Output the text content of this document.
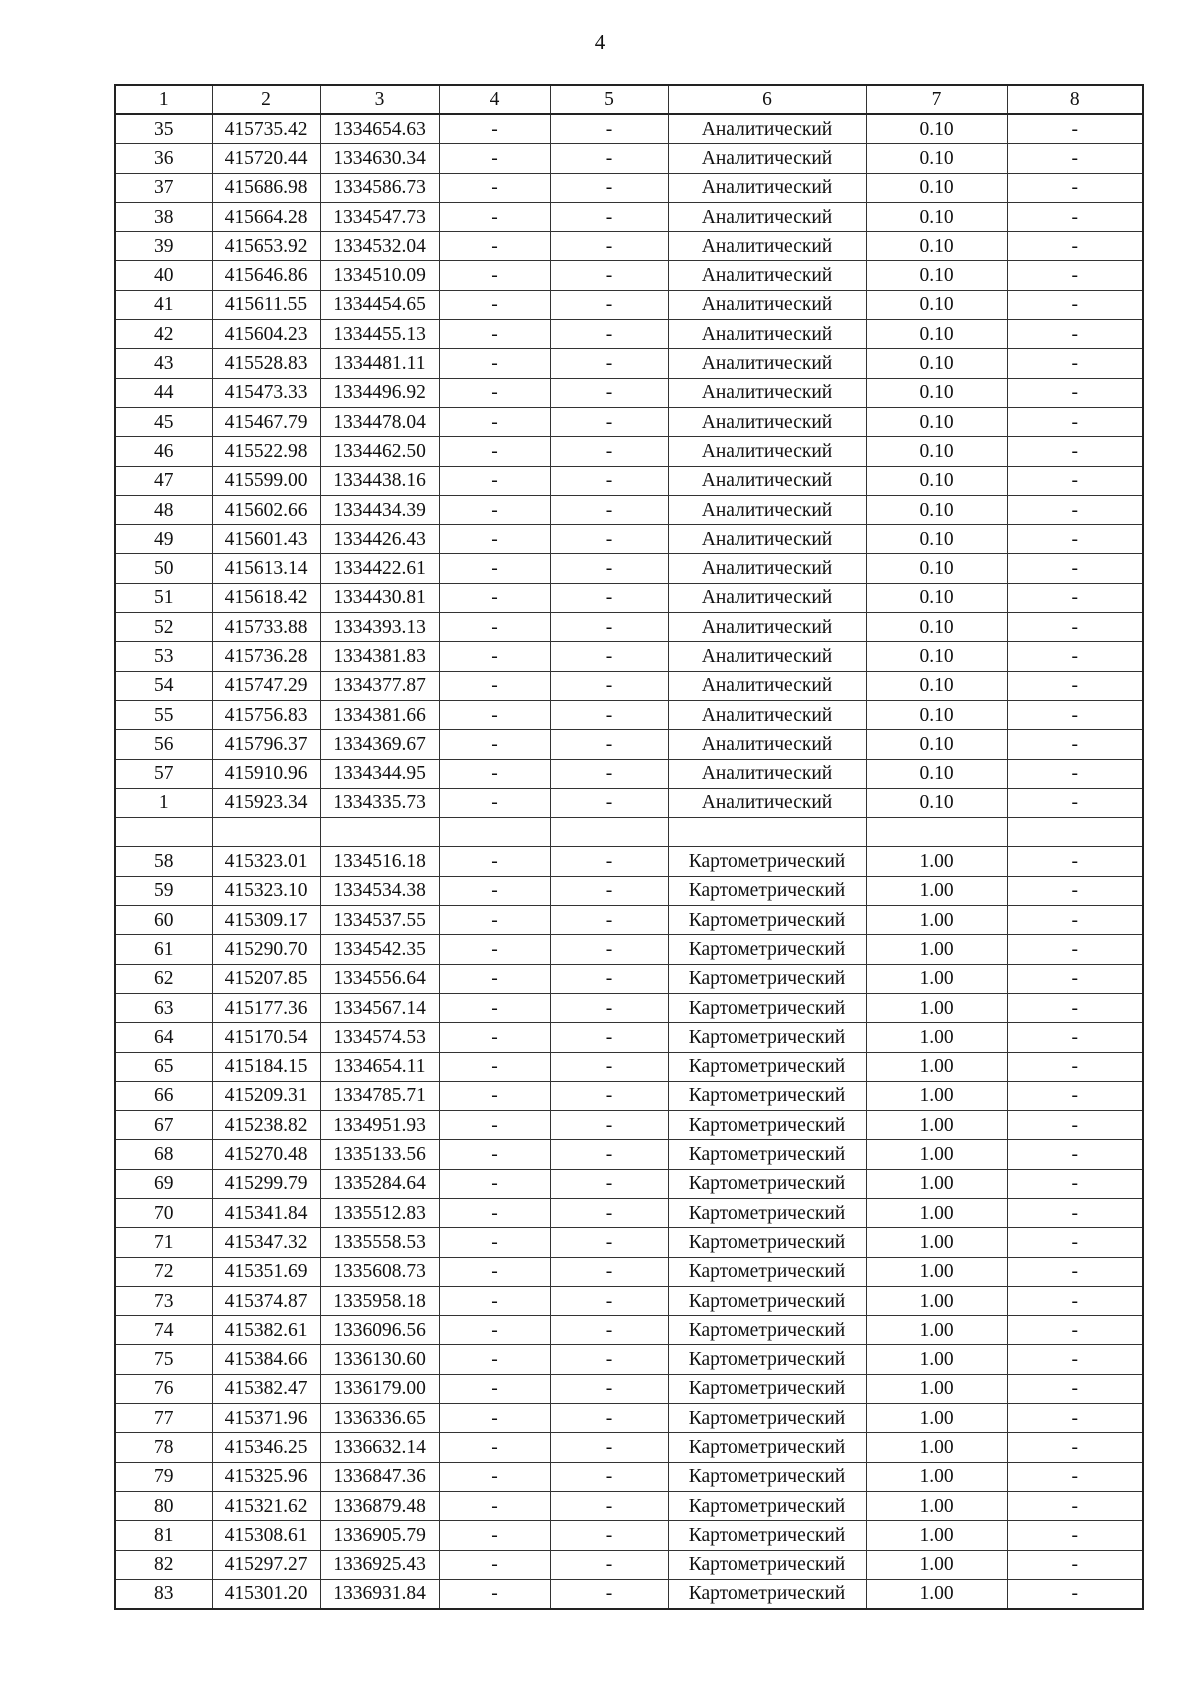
4
1	2	3	4	5	6	7	8
35	415735.42	1334654.63	-	-	Аналитический	0.10	-
36	415720.44	1334630.34	-	-	Аналитический	0.10	-
37	415686.98	1334586.73	-	-	Аналитический	0.10	-
38	415664.28	1334547.73	-	-	Аналитический	0.10	-
39	415653.92	1334532.04	-	-	Аналитический	0.10	-
40	415646.86	1334510.09	-	-	Аналитический	0.10	-
41	415611.55	1334454.65	-	-	Аналитический	0.10	-
42	415604.23	1334455.13	-	-	Аналитический	0.10	-
43	415528.83	1334481.11	-	-	Аналитический	0.10	-
44	415473.33	1334496.92	-	-	Аналитический	0.10	-
45	415467.79	1334478.04	-	-	Аналитический	0.10	-
46	415522.98	1334462.50	-	-	Аналитический	0.10	-
47	415599.00	1334438.16	-	-	Аналитический	0.10	-
48	415602.66	1334434.39	-	-	Аналитический	0.10	-
49	415601.43	1334426.43	-	-	Аналитический	0.10	-
50	415613.14	1334422.61	-	-	Аналитический	0.10	-
51	415618.42	1334430.81	-	-	Аналитический	0.10	-
52	415733.88	1334393.13	-	-	Аналитический	0.10	-
53	415736.28	1334381.83	-	-	Аналитический	0.10	-
54	415747.29	1334377.87	-	-	Аналитический	0.10	-
55	415756.83	1334381.66	-	-	Аналитический	0.10	-
56	415796.37	1334369.67	-	-	Аналитический	0.10	-
57	415910.96	1334344.95	-	-	Аналитический	0.10	-
1	415923.34	1334335.73	-	-	Аналитический	0.10	-

58	415323.01	1334516.18	-	-	Картометрический	1.00	-
59	415323.10	1334534.38	-	-	Картометрический	1.00	-
60	415309.17	1334537.55	-	-	Картометрический	1.00	-
61	415290.70	1334542.35	-	-	Картометрический	1.00	-
62	415207.85	1334556.64	-	-	Картометрический	1.00	-
63	415177.36	1334567.14	-	-	Картометрический	1.00	-
64	415170.54	1334574.53	-	-	Картометрический	1.00	-
65	415184.15	1334654.11	-	-	Картометрический	1.00	-
66	415209.31	1334785.71	-	-	Картометрический	1.00	-
67	415238.82	1334951.93	-	-	Картометрический	1.00	-
68	415270.48	1335133.56	-	-	Картометрический	1.00	-
69	415299.79	1335284.64	-	-	Картометрический	1.00	-
70	415341.84	1335512.83	-	-	Картометрический	1.00	-
71	415347.32	1335558.53	-	-	Картометрический	1.00	-
72	415351.69	1335608.73	-	-	Картометрический	1.00	-
73	415374.87	1335958.18	-	-	Картометрический	1.00	-
74	415382.61	1336096.56	-	-	Картометрический	1.00	-
75	415384.66	1336130.60	-	-	Картометрический	1.00	-
76	415382.47	1336179.00	-	-	Картометрический	1.00	-
77	415371.96	1336336.65	-	-	Картометрический	1.00	-
78	415346.25	1336632.14	-	-	Картометрический	1.00	-
79	415325.96	1336847.36	-	-	Картометрический	1.00	-
80	415321.62	1336879.48	-	-	Картометрический	1.00	-
81	415308.61	1336905.79	-	-	Картометрический	1.00	-
82	415297.27	1336925.43	-	-	Картометрический	1.00	-
83	415301.20	1336931.84	-	-	Картометрический	1.00	-
